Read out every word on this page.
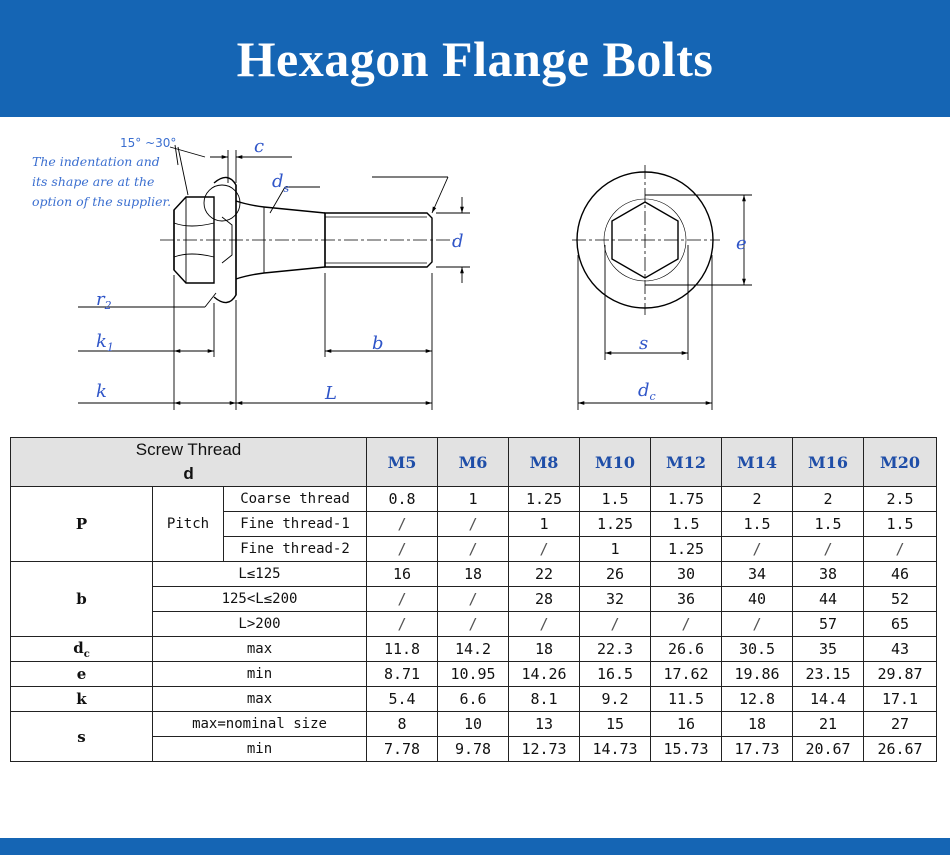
Hexagon Flange Bolts
15° ~30°
The indentation and
its shape are at the
option of the supplier.
c
$d_s$
d
$r_2$
$k_1$	b
k	L
e
s
$d_c$
Screw Thread			M5	M6	M8	M10	M12	M14	M16	M20
d										
P	Pitch	Coarse thread	0.8	1	1.25	1.5	1.75	2	2	2.5
		Fine thread-1	/	/	1	1.25	1.5	1.5	1.5	1.5
		Fine thread-2	/	/	/	1	1.25	/	/	/
b	L≤125		16	18	22	26	30	34	38	46
	125<L≤200		/	/	28	32	36	40	44	52
	L>200		/	/	/	/	/	/	57	65
$d_c$	max		11.8	14.2	18	22.3	26.6	30.5	35	43
e	min		8.71	10.95	14.26	16.5	17.62	19.86	23.15	29.87
k	max		5.4	6.6	8.1	9.2	11.5	12.8	14.4	17.1
s	max=nominal size		8	10	13	15	16	18	21	27
	min		7.78	9.78	12.73	14.73	15.73	17.73	20.67	26.67
